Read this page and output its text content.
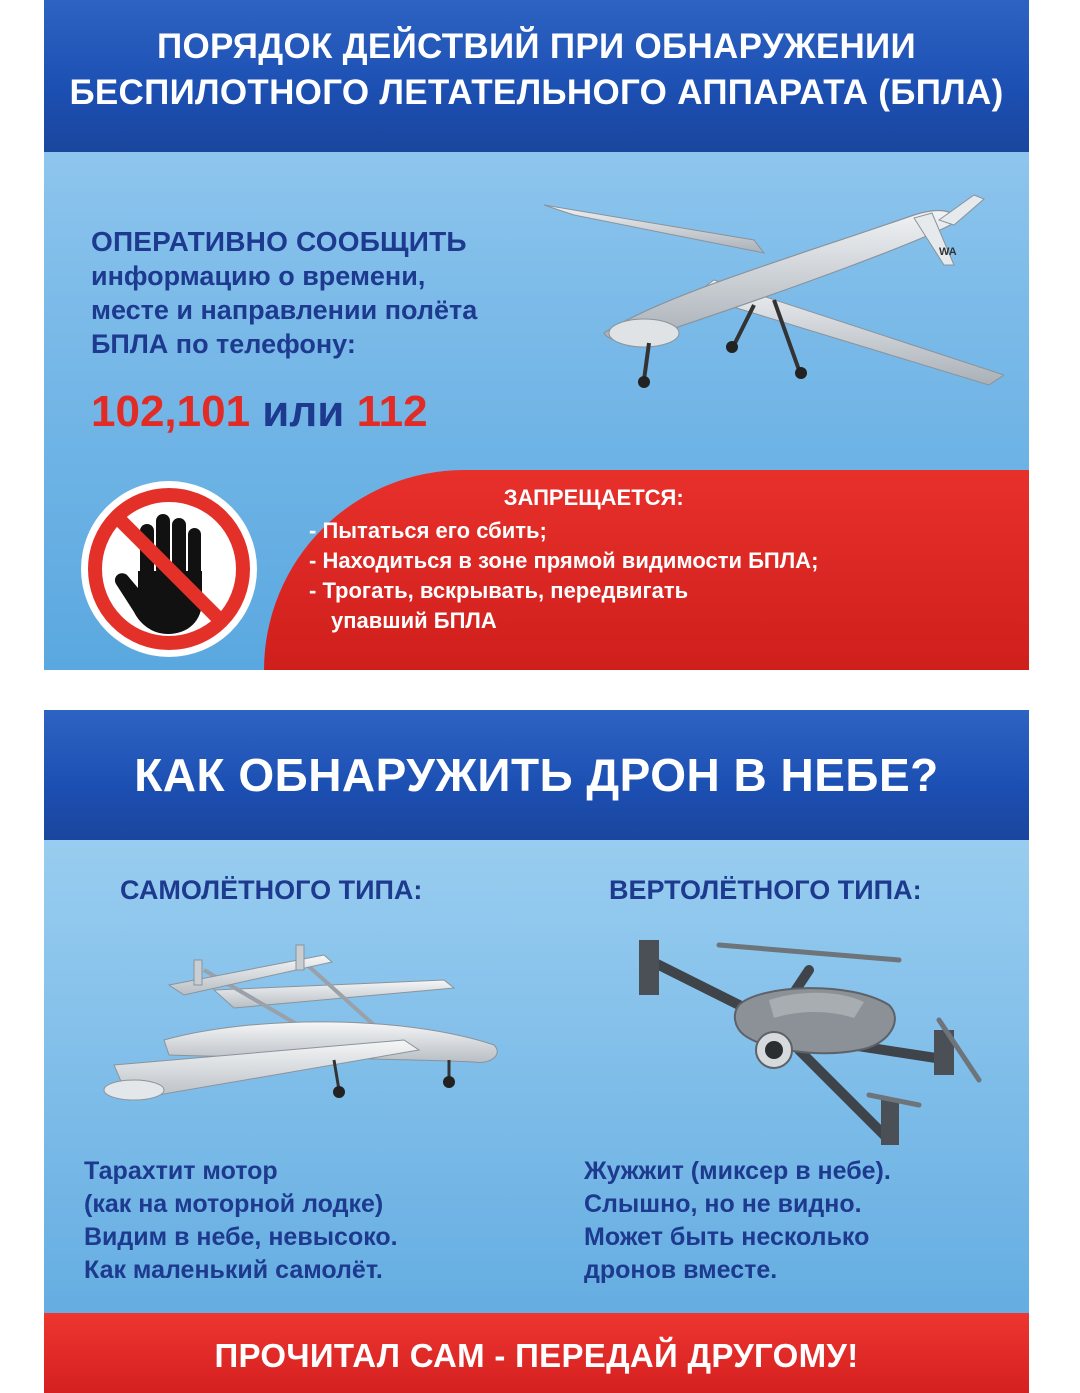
ПОРЯДОК ДЕЙСТВИЙ ПРИ ОБНАРУЖЕНИИ
БЕСПИЛОТНОГО ЛЕТАТЕЛЬНОГО АППАРАТА (БПЛА)
ОПЕРАТИВНО СООБЩИТЬ
информацию о времени,
месте и направлении полёта
БПЛА по телефону:
102,101 или 112
WA
ЗАПРЕЩАЕТСЯ:
- Пытаться его сбить;
- Находиться в зоне прямой видимости БПЛА;
- Трогать, вскрывать, передвигать
упавший БПЛА
КАК ОБНАРУЖИТЬ ДРОН В НЕБЕ?
САМОЛЁТНОГО ТИПА:	ВЕРТОЛЁТНОГО ТИПА:
Тарахтит мотор
(как на моторной лодке)
Видим в небе, невысоко.
Как маленький самолёт.
Жужжит (миксер в небе).
Слышно, но не видно.
Может быть несколько
дронов вместе.
ПРОЧИТАЛ САМ - ПЕРЕДАЙ ДРУГОМУ!
